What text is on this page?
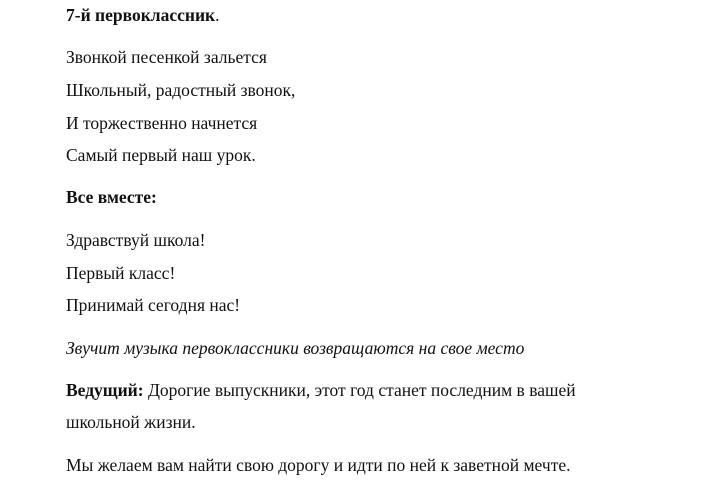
7-й первоклассник.
Звонкой песенкой зальется
Школьный, радостный звонок,
И торжественно начнется
Самый первый наш урок.
Все вместе:
Здравствуй школа!
Первый класс!
Принимай сегодня нас!
Звучит музыка первоклассники возвращаются на свое место
Ведущий: Дорогие выпускники, этот год станет последним в вашей
школьной жизни.
Мы желаем вам найти свою дорогу и идти по ней к заветной мечте.
